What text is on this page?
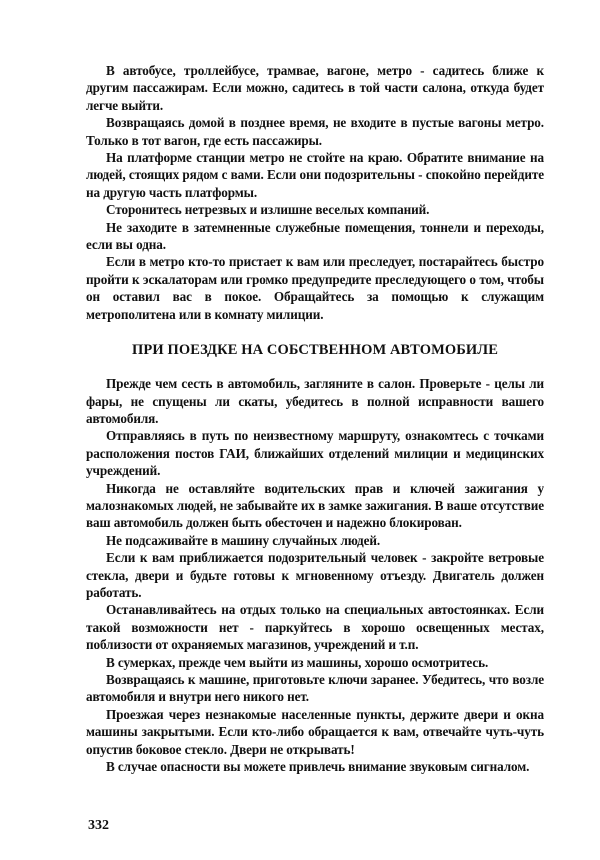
В автобусе, троллейбусе, трамвае, вагоне, метро - садитесь ближе к другим пассажирам. Если можно, садитесь в той части салона, откуда будет легче выйти.

Возвращаясь домой в позднее время, не входите в пустые вагоны метро. Только в тот вагон, где есть пассажиры.

На платформе станции метро не стойте на краю. Обратите внимание на людей, стоящих рядом с вами. Если они подозрительны - спокойно перейдите на другую часть платформы.

Сторонитесь нетрезвых и излишне веселых компаний.

Не заходите в затемненные служебные помещения, тоннели и переходы, если вы одна.

Если в метро кто-то пристает к вам или преследует, постарайтесь быстро пройти к эскалаторам или громко предупредите преследующего о том, чтобы он оставил вас в покое. Обращайтесь за помощью к служащим метрополитена или в комнату милиции.

ПРИ ПОЕЗДКЕ НА СОБСТВЕННОМ АВТОМОБИЛЕ

Прежде чем сесть в автомобиль, загляните в салон. Проверьте - целы ли фары, не спущены ли скаты, убедитесь в полной исправности вашего автомобиля.

Отправляясь в путь по неизвестному маршруту, ознакомтесь с точками расположения постов ГАИ, ближайших отделений милиции и медицинских учреждений.

Никогда не оставляйте водительских прав и ключей зажигания у малознакомых людей, не забывайте их в замке зажигания. В ваше отсутствие ваш автомобиль должен быть обесточен и надежно блокирован.

Не подсаживайте в машину случайных людей.

Если к вам приближается подозрительный человек - закройте ветровые стекла, двери и будьте готовы к мгновенному отъезду. Двигатель должен работать.

Останавливайтесь на отдых только на специальных автостоянках. Если такой возможности нет - паркуйтесь в хорошо освещенных местах, поблизости от охраняемых магазинов, учреждений и т.п.

В сумерках, прежде чем выйти из машины, хорошо осмотритесь.

Возвращаясь к машине, приготовьте ключи заранее. Убедитесь, что возле автомобиля и внутри него никого нет.

Проезжая через незнакомые населенные пункты, держите двери и окна машины закрытыми. Если кто-либо обращается к вам, отвечайте чуть-чуть опустив боковое стекло. Двери не открывать!

В случае опасности вы можете привлечь внимание звуковым сигналом.

332
